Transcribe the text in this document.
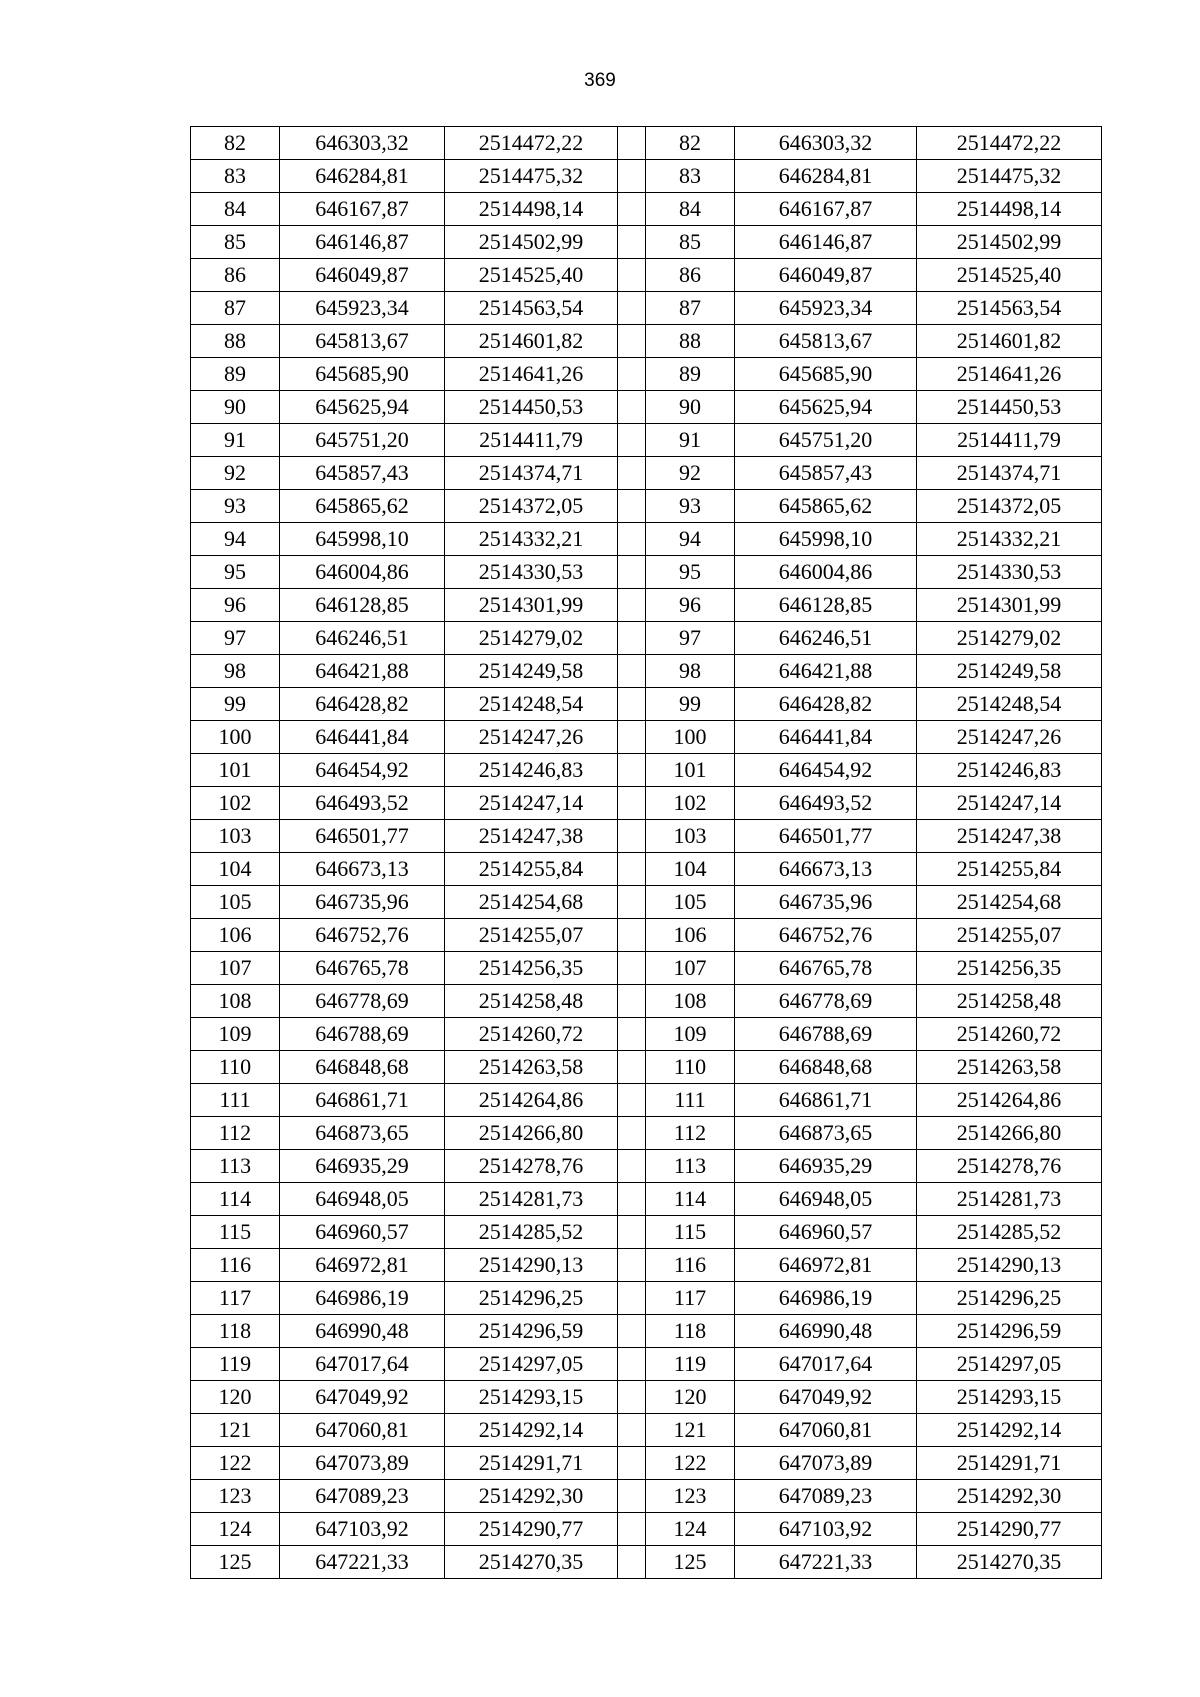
369
82	646303,32	2514472,22		82	646303,32	2514472,22
83	646284,81	2514475,32		83	646284,81	2514475,32
84	646167,87	2514498,14		84	646167,87	2514498,14
85	646146,87	2514502,99		85	646146,87	2514502,99
86	646049,87	2514525,40		86	646049,87	2514525,40
87	645923,34	2514563,54		87	645923,34	2514563,54
88	645813,67	2514601,82		88	645813,67	2514601,82
89	645685,90	2514641,26		89	645685,90	2514641,26
90	645625,94	2514450,53		90	645625,94	2514450,53
91	645751,20	2514411,79		91	645751,20	2514411,79
92	645857,43	2514374,71		92	645857,43	2514374,71
93	645865,62	2514372,05		93	645865,62	2514372,05
94	645998,10	2514332,21		94	645998,10	2514332,21
95	646004,86	2514330,53		95	646004,86	2514330,53
96	646128,85	2514301,99		96	646128,85	2514301,99
97	646246,51	2514279,02		97	646246,51	2514279,02
98	646421,88	2514249,58		98	646421,88	2514249,58
99	646428,82	2514248,54		99	646428,82	2514248,54
100	646441,84	2514247,26		100	646441,84	2514247,26
101	646454,92	2514246,83		101	646454,92	2514246,83
102	646493,52	2514247,14		102	646493,52	2514247,14
103	646501,77	2514247,38		103	646501,77	2514247,38
104	646673,13	2514255,84		104	646673,13	2514255,84
105	646735,96	2514254,68		105	646735,96	2514254,68
106	646752,76	2514255,07		106	646752,76	2514255,07
107	646765,78	2514256,35		107	646765,78	2514256,35
108	646778,69	2514258,48		108	646778,69	2514258,48
109	646788,69	2514260,72		109	646788,69	2514260,72
110	646848,68	2514263,58		110	646848,68	2514263,58
111	646861,71	2514264,86		111	646861,71	2514264,86
112	646873,65	2514266,80		112	646873,65	2514266,80
113	646935,29	2514278,76		113	646935,29	2514278,76
114	646948,05	2514281,73		114	646948,05	2514281,73
115	646960,57	2514285,52		115	646960,57	2514285,52
116	646972,81	2514290,13		116	646972,81	2514290,13
117	646986,19	2514296,25		117	646986,19	2514296,25
118	646990,48	2514296,59		118	646990,48	2514296,59
119	647017,64	2514297,05		119	647017,64	2514297,05
120	647049,92	2514293,15		120	647049,92	2514293,15
121	647060,81	2514292,14		121	647060,81	2514292,14
122	647073,89	2514291,71		122	647073,89	2514291,71
123	647089,23	2514292,30		123	647089,23	2514292,30
124	647103,92	2514290,77		124	647103,92	2514290,77
125	647221,33	2514270,35		125	647221,33	2514270,35
